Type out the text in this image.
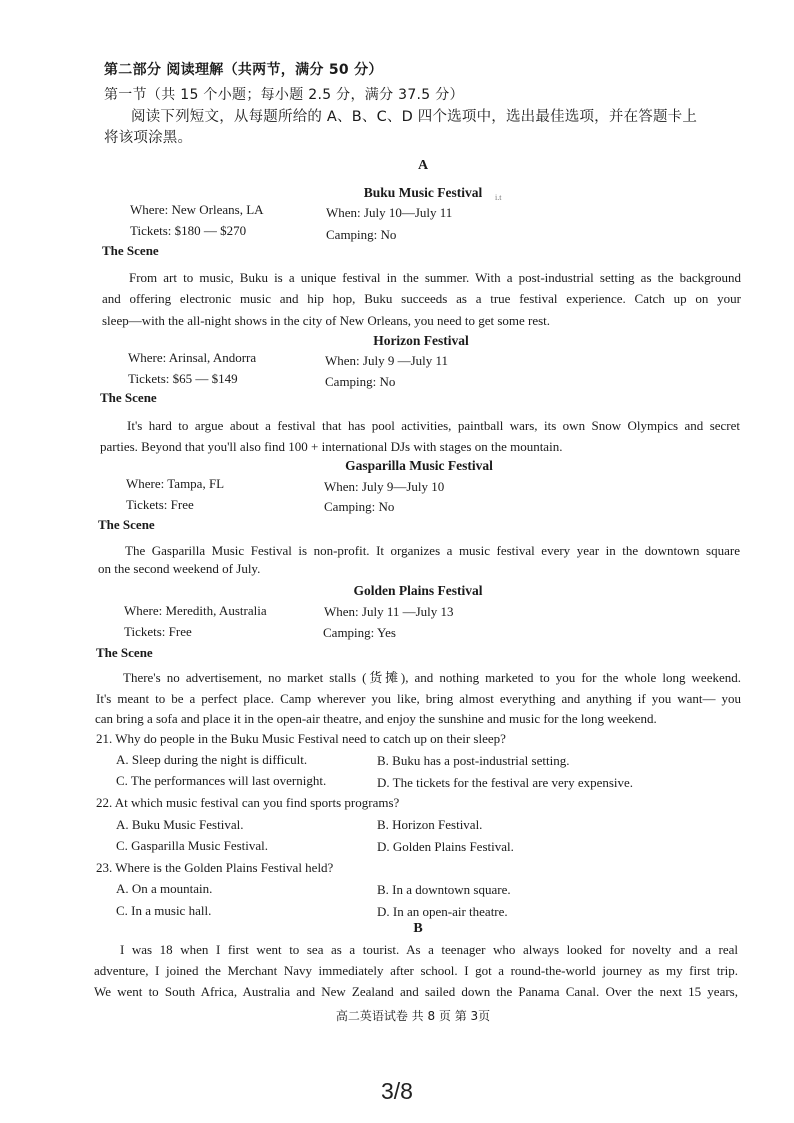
第二部分 阅读理解（共两节，满分 50 分）
第一节（共 15 个小题；每小题 2.5 分，满分 37.5 分）
阅读下列短文，从每题所给的 A、B、C、D 四个选项中，选出最佳选项，并在答题卡上
将该项涂黑。
A
Buku Music Festival	i.t
Where: New Orleans, LA	When: July 10—July 11
Tickets: $180 — $270	Camping: No
The Scene
From art to music, Buku is a unique festival in the summer. With a post-industrial setting as the background
and offering electronic music and hip hop, Buku succeeds as a true festival experience. Catch up on your
sleep—with the all-night shows in the city of New Orleans, you need to get some rest.
Horizon Festival
Where: Arinsal, Andorra	When: July 9 —July 11
Tickets: $65 — $149	Camping: No
The Scene
It's hard to argue about a festival that has pool activities, paintball wars, its own Snow Olympics and secret
parties. Beyond that you'll also find 100 + international DJs with stages on the mountain.
Gasparilla Music Festival
Where: Tampa, FL	When: July 9—July 10
Tickets: Free	Camping: No
The Scene
The Gasparilla Music Festival is non-profit. It organizes a music festival every year in the downtown square
on the second weekend of July.
Golden Plains Festival
Where: Meredith, Australia	When: July 11 —July 13
Tickets: Free	Camping: Yes
The Scene
There's no advertisement, no market stalls (货摊), and nothing marketed to you for the whole long weekend.
It's meant to be a perfect place. Camp wherever you like, bring almost everything and anything if you want— you
can bring a sofa and place it in the open-air theatre, and enjoy the sunshine and music for the long weekend.
21. Why do people in the Buku Music Festival need to catch up on their sleep?
A. Sleep during the night is difficult.	B. Buku has a post-industrial setting.
C. The performances will last overnight.	D. The tickets for the festival are very expensive.
22. At which music festival can you find sports programs?
A. Buku Music Festival.	B. Horizon Festival.
C. Gasparilla Music Festival.	D. Golden Plains Festival.
23. Where is the Golden Plains Festival held?
A. On a mountain.	B. In a downtown square.
C. In a music hall.	D. In an open-air theatre.
B
I was 18 when I first went to sea as a tourist. As a teenager who always looked for novelty and a real
adventure, I joined the Merchant Navy immediately after school. I got a round-the-world journey as my first trip.
We went to South Africa, Australia and New Zealand and sailed down the Panama Canal. Over the next 15 years,
高二英语试卷 共 8 页 第 3页
3/8
